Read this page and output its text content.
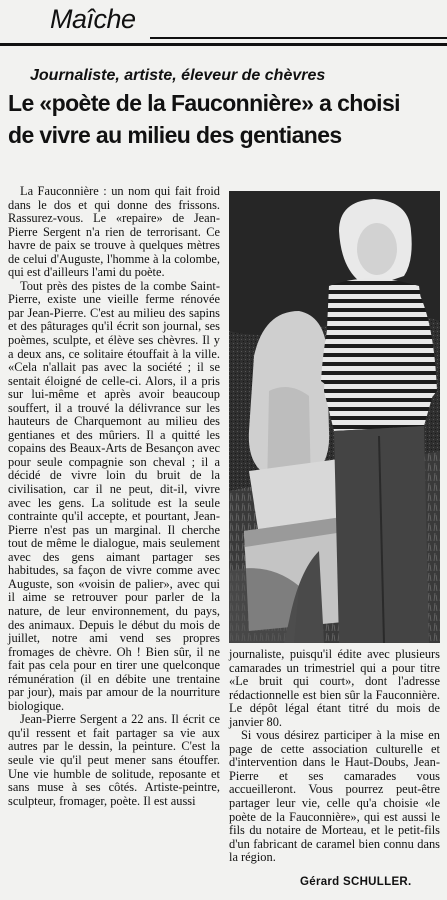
Maîche
Journaliste, artiste, éleveur de chèvres
Le «poète de la Fauconnière» a choisi
de vivre au milieu des gentianes

La Fauconnière : un nom qui fait froid dans le dos et qui donne des frissons. Rassurez-vous. Le «repaire» de Jean-Pierre Sergent n'a rien de terrorisant. Ce havre de paix se trouve à quelques mètres de celui d'Auguste, l'homme à la colombe, qui est d'ailleurs l'ami du poète.

Tout près des pistes de la combe Saint-Pierre, existe une vieille ferme rénovée par Jean-Pierre. C'est au milieu des sapins et des pâturages qu'il écrit son journal, ses poèmes, sculpte, et élève ses chèvres. Il y a deux ans, ce solitaire étouffait à la ville. «Cela n'allait pas avec la société ; il se sentait éloigné de celle-ci. Alors, il a pris sur lui-même et après avoir beaucoup souffert, il a trouvé la délivrance sur les hauteurs de Charquemont au milieu des gentianes et des mûriers. Il a quitté les copains des Beaux-Arts de Besançon avec pour seule compagnie son cheval ; il a décidé de vivre loin du bruit de la civilisation, car il ne peut, dit-il, vivre avec les gens. La solitude est la seule contrainte qu'il accepte, et pourtant, Jean-Pierre n'est pas un marginal. Il cherche tout de même le dialogue, mais seulement avec des gens aimant partager ses habitudes, sa façon de vivre comme avec Auguste, son «voisin de palier», avec qui il aime se retrouver pour parler de la nature, de leur environnement, du pays, des animaux. Depuis le début du mois de juillet, notre ami vend ses propres fromages de chèvre. Oh ! Bien sûr, il ne fait pas cela pour en tirer une quelconque rémunération (il en débite une trentaine par jour), mais par amour de la nourriture biologique.

Jean-Pierre Sergent a 22 ans. Il écrit ce qu'il ressent et fait partager sa vie aux autres par le dessin, la peinture. C'est la seule vie qu'il peut mener sans étouffer. Une vie humble de solitude, reposante et sans muse à ses côtés. Artiste-peintre, sculpteur, fromager, poète. Il est aussi

journaliste, puisqu'il édite avec plusieurs camarades un trimestriel qui a pour titre «Le bruit qui court», dont l'adresse rédactionnelle est bien sûr la Fauconnière. Le dépôt légal étant titré du mois de janvier 80.

Si vous désirez participer à la mise en page de cette association culturelle et d'intervention dans le Haut-Doubs, Jean-Pierre et ses camarades vous accueilleront. Vous pourrez peut-être partager leur vie, celle qu'a choisie «le poète de la Fauconnière», qui est aussi le fils du notaire de Morteau, et le petit-fils d'un fabricant de caramel bien connu dans la région.

Gérard SCHULLER.
